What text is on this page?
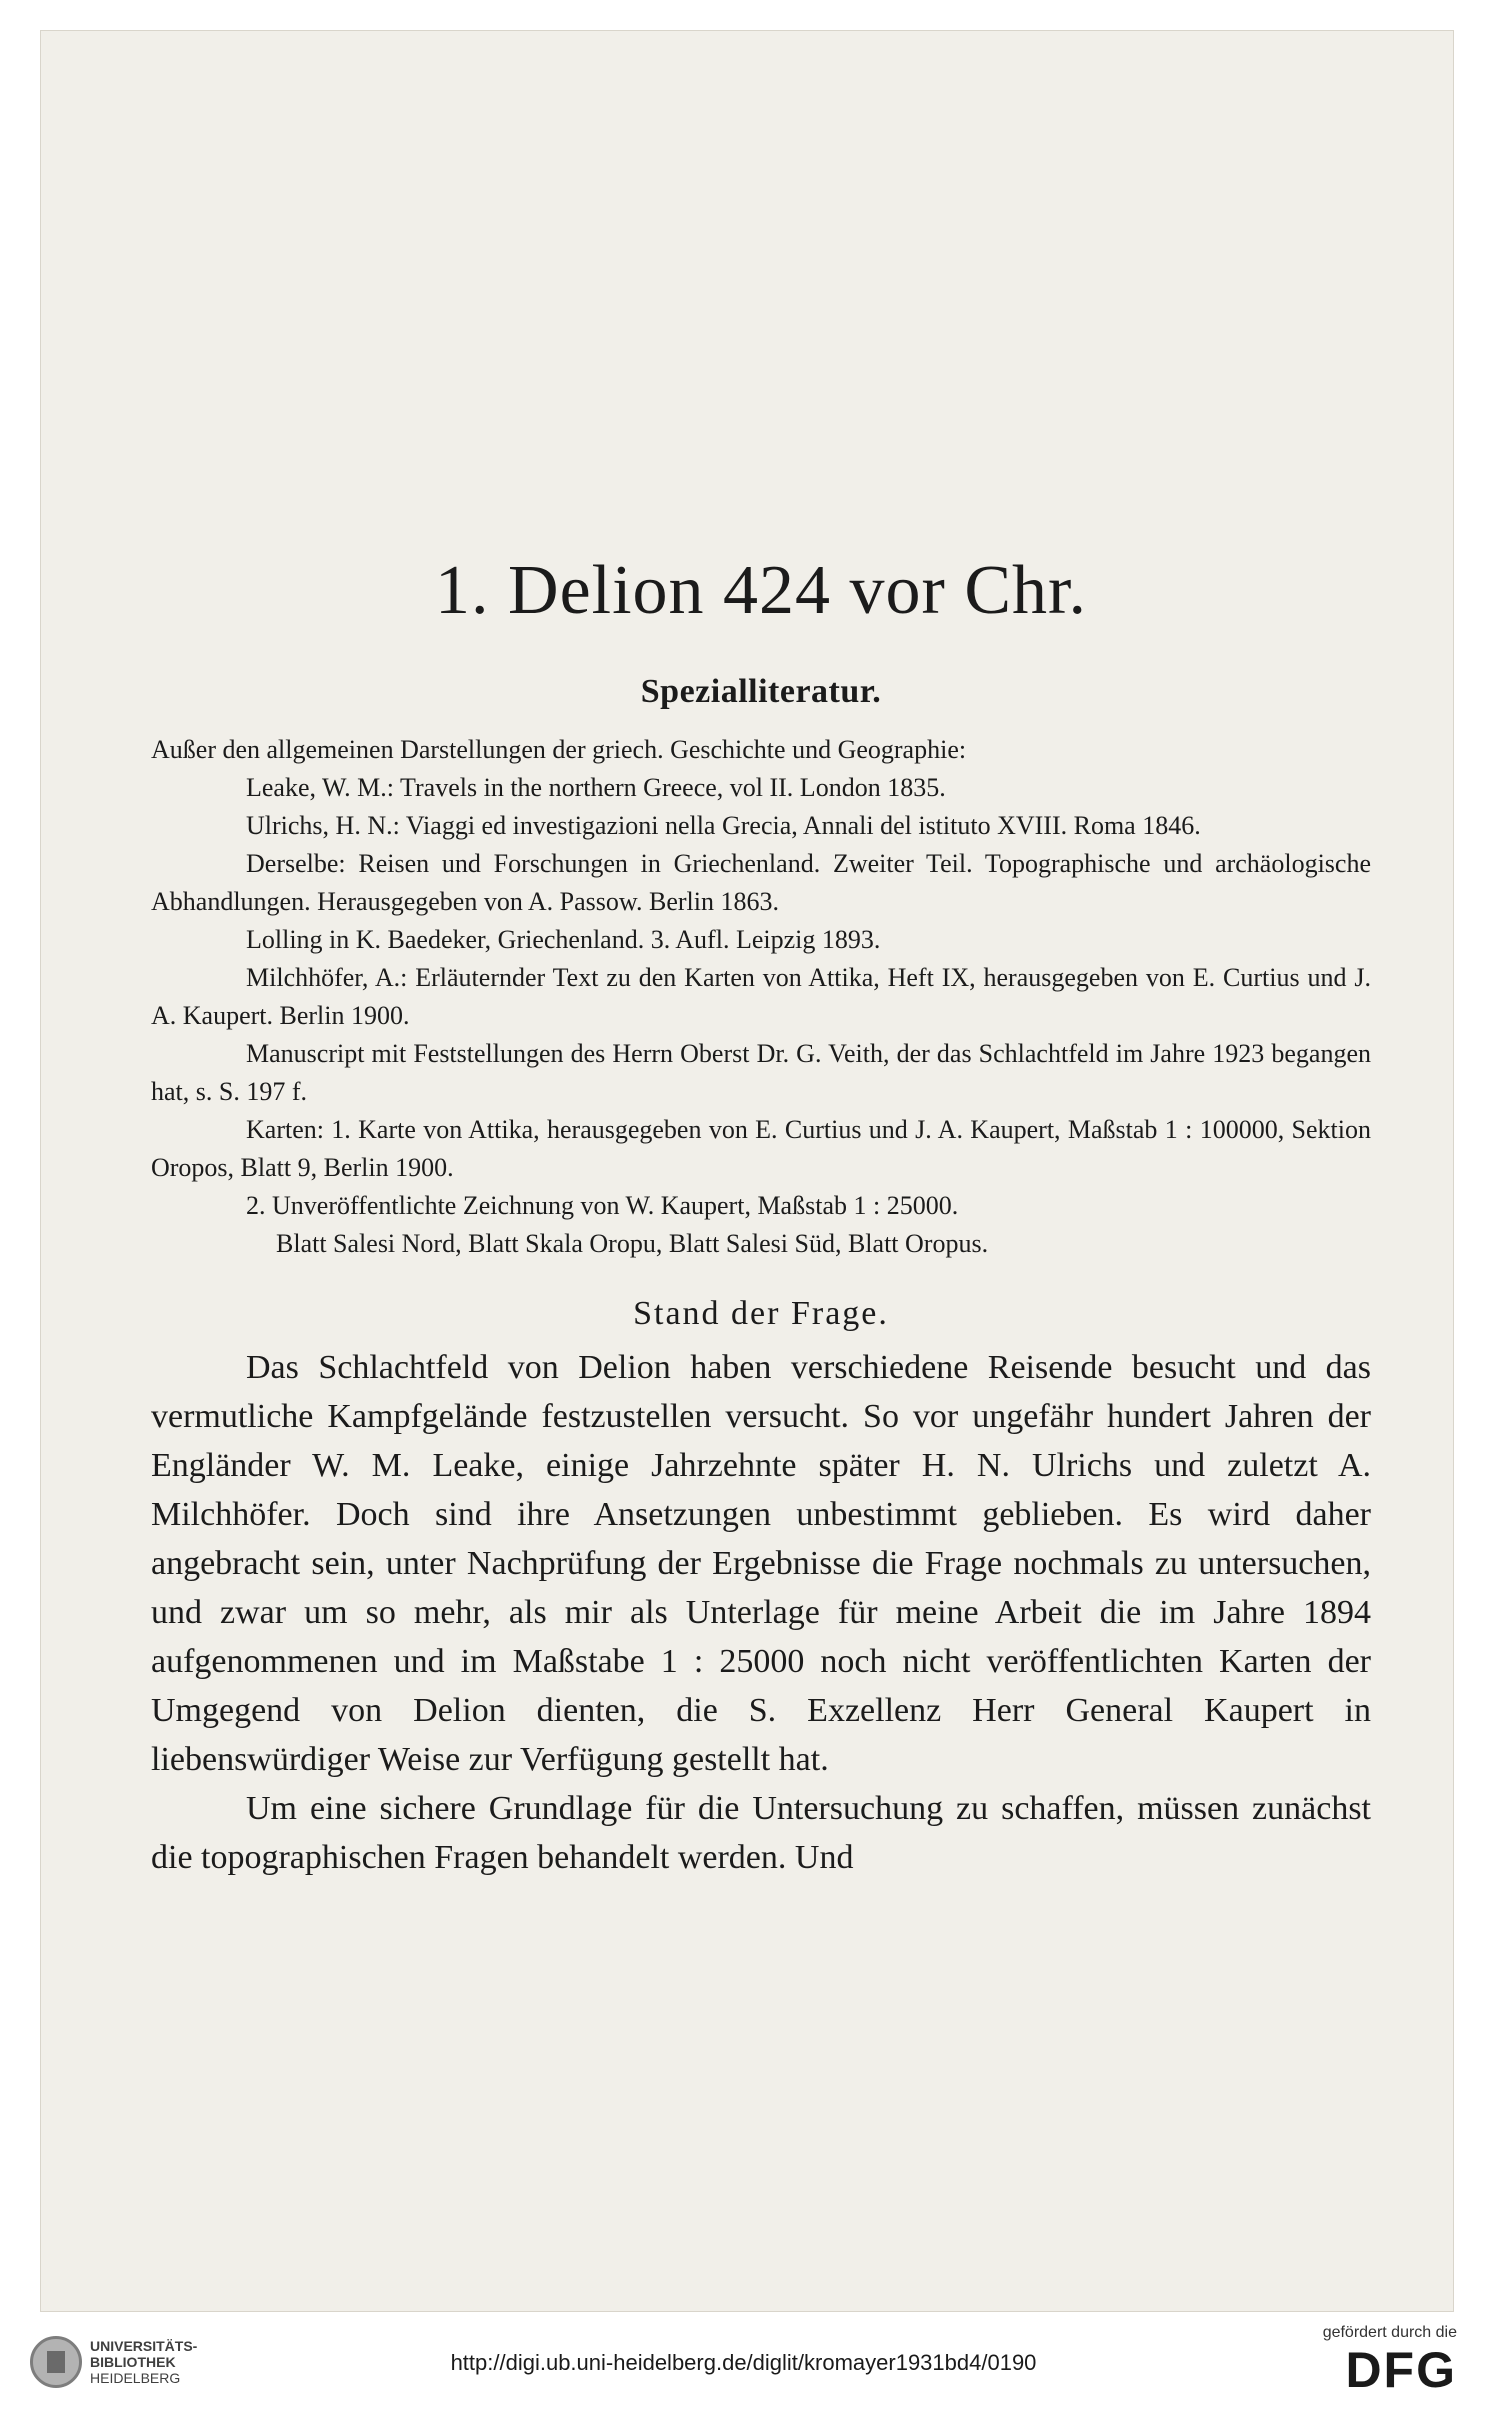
1. Delion 424 vor Chr.
Spezialliteratur.

Außer den allgemeinen Darstellungen der griech. Geschichte und Geographie:

Leake, W. M.: Travels in the northern Greece, vol II. London 1835.

Ulrichs, H. N.: Viaggi ed investigazioni nella Grecia, Annali del istituto XVIII. Roma 1846.

Derselbe: Reisen und Forschungen in Griechenland. Zweiter Teil. Topographische und archäologische Abhandlungen. Herausgegeben von A. Passow. Berlin 1863.

Lolling in K. Baedeker, Griechenland. 3. Aufl. Leipzig 1893.

Milchhöfer, A.: Erläuternder Text zu den Karten von Attika, Heft IX, herausgegeben von E. Curtius und J. A. Kaupert. Berlin 1900.

Manuscript mit Feststellungen des Herrn Oberst Dr. G. Veith, der das Schlachtfeld im Jahre 1923 begangen hat, s. S. 197 f.

Karten: 1. Karte von Attika, herausgegeben von E. Curtius und J. A. Kaupert, Maßstab 1 : 100000, Sektion Oropos, Blatt 9, Berlin 1900.

2. Unveröffentlichte Zeichnung von W. Kaupert, Maßstab 1 : 25000.

Blatt Salesi Nord, Blatt Skala Oropu, Blatt Salesi Süd, Blatt Oropus.

Stand der Frage.

Das Schlachtfeld von Delion haben verschiedene Reisende besucht und das vermutliche Kampfgelände festzustellen versucht. So vor ungefähr hundert Jahren der Engländer W. M. Leake, einige Jahrzehnte später H. N. Ulrichs und zuletzt A. Milchhöfer. Doch sind ihre Ansetzungen unbestimmt geblieben. Es wird daher angebracht sein, unter Nachprüfung der Ergebnisse die Frage nochmals zu untersuchen, und zwar um so mehr, als mir als Unterlage für meine Arbeit die im Jahre 1894 aufgenommenen und im Maßstabe 1 : 25000 noch nicht veröffentlichten Karten der Umgegend von Delion dienten, die S. Exzellenz Herr General Kaupert in liebenswürdiger Weise zur Verfügung gestellt hat.

Um eine sichere Grundlage für die Untersuchung zu schaffen, müssen zunächst die topographischen Fragen behandelt werden. Und

UNIVERSITÄTS-
BIBLIOTHEK
HEIDELBERG
http://digi.ub.uni-heidelberg.de/diglit/kromayer1931bd4/0190
gefördert durch die
DFG
